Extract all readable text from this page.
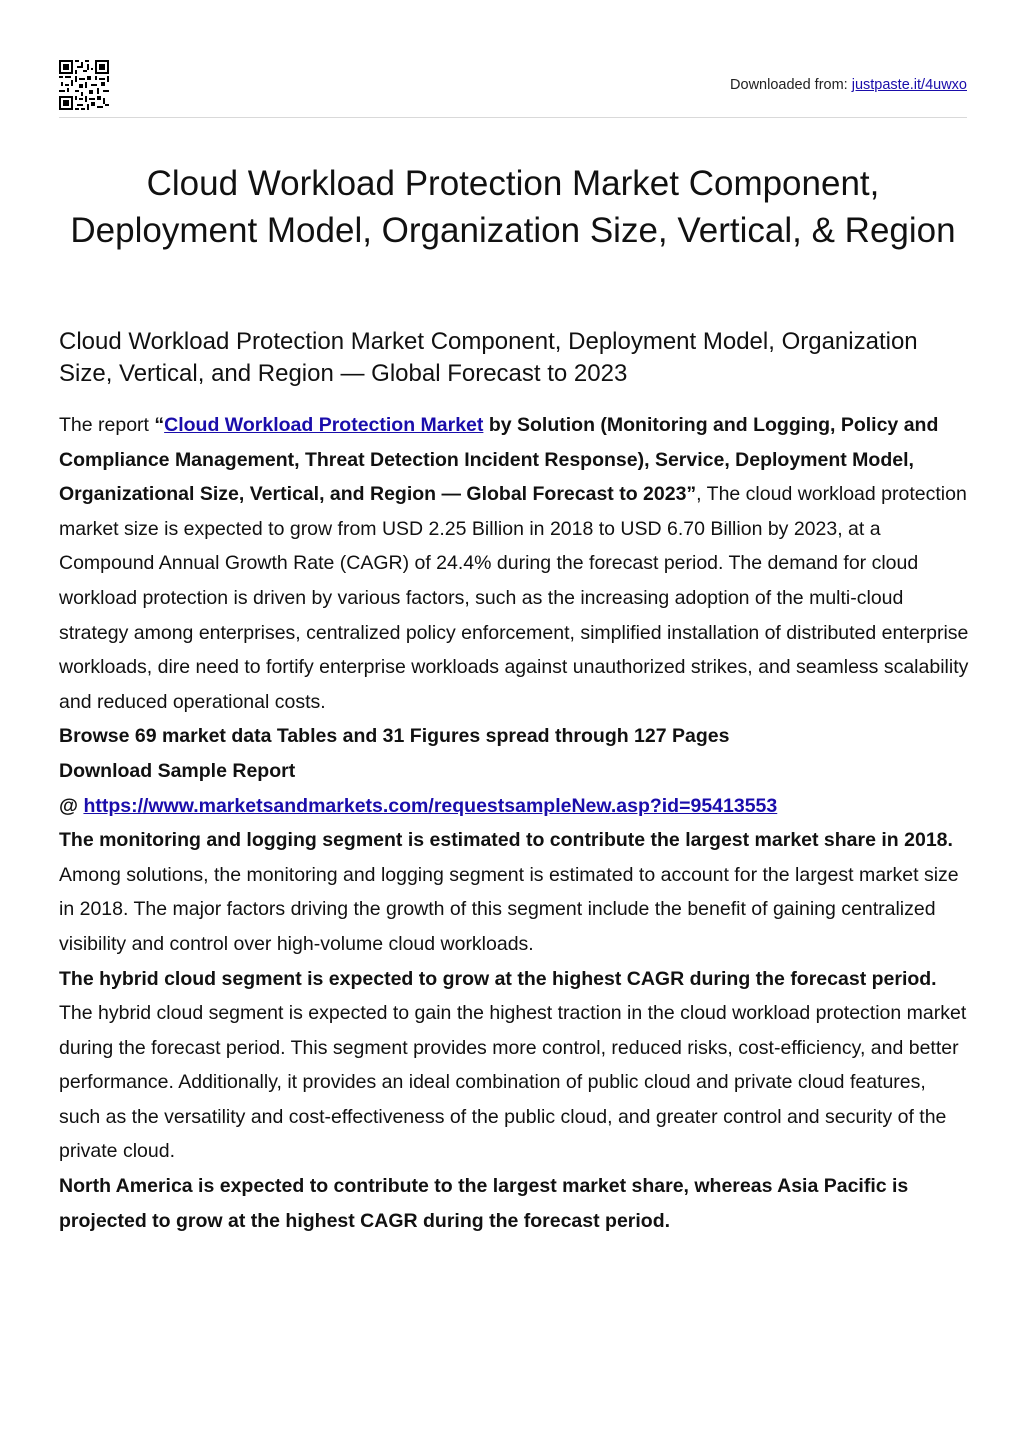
Downloaded from: justpaste.it/4uwxo
Cloud Workload Protection Market Component, Deployment Model, Organization Size, Vertical, & Region
Cloud Workload Protection Market Component, Deployment Model, Organization Size, Vertical, and Region — Global Forecast to 2023

The report “Cloud Workload Protection Market by Solution (Monitoring and Logging, Policy and Compliance Management, Threat Detection Incident Response), Service, Deployment Model, Organizational Size, Vertical, and Region — Global Forecast to 2023”, The cloud workload protection market size is expected to grow from USD 2.25 Billion in 2018 to USD 6.70 Billion by 2023, at a Compound Annual Growth Rate (CAGR) of 24.4% during the forecast period. The demand for cloud workload protection is driven by various factors, such as the increasing adoption of the multi-cloud strategy among enterprises, centralized policy enforcement, simplified installation of distributed enterprise workloads, dire need to fortify enterprise workloads against unauthorized strikes, and seamless scalability and reduced operational costs.

Browse 69 market data Tables and 31 Figures spread through 127 Pages

Download Sample Report

@ https://www.marketsandmarkets.com/requestsampleNew.asp?id=95413553

The monitoring and logging segment is estimated to contribute the largest market share in 2018.

Among solutions, the monitoring and logging segment is estimated to account for the largest market size in 2018. The major factors driving the growth of this segment include the benefit of gaining centralized visibility and control over high-volume cloud workloads.

The hybrid cloud segment is expected to grow at the highest CAGR during the forecast period.

The hybrid cloud segment is expected to gain the highest traction in the cloud workload protection market during the forecast period. This segment provides more control, reduced risks, cost-efficiency, and better performance. Additionally, it provides an ideal combination of public cloud and private cloud features, such as the versatility and cost-effectiveness of the public cloud, and greater control and security of the private cloud.

North America is expected to contribute to the largest market share, whereas Asia Pacific is projected to grow at the highest CAGR during the forecast period.
